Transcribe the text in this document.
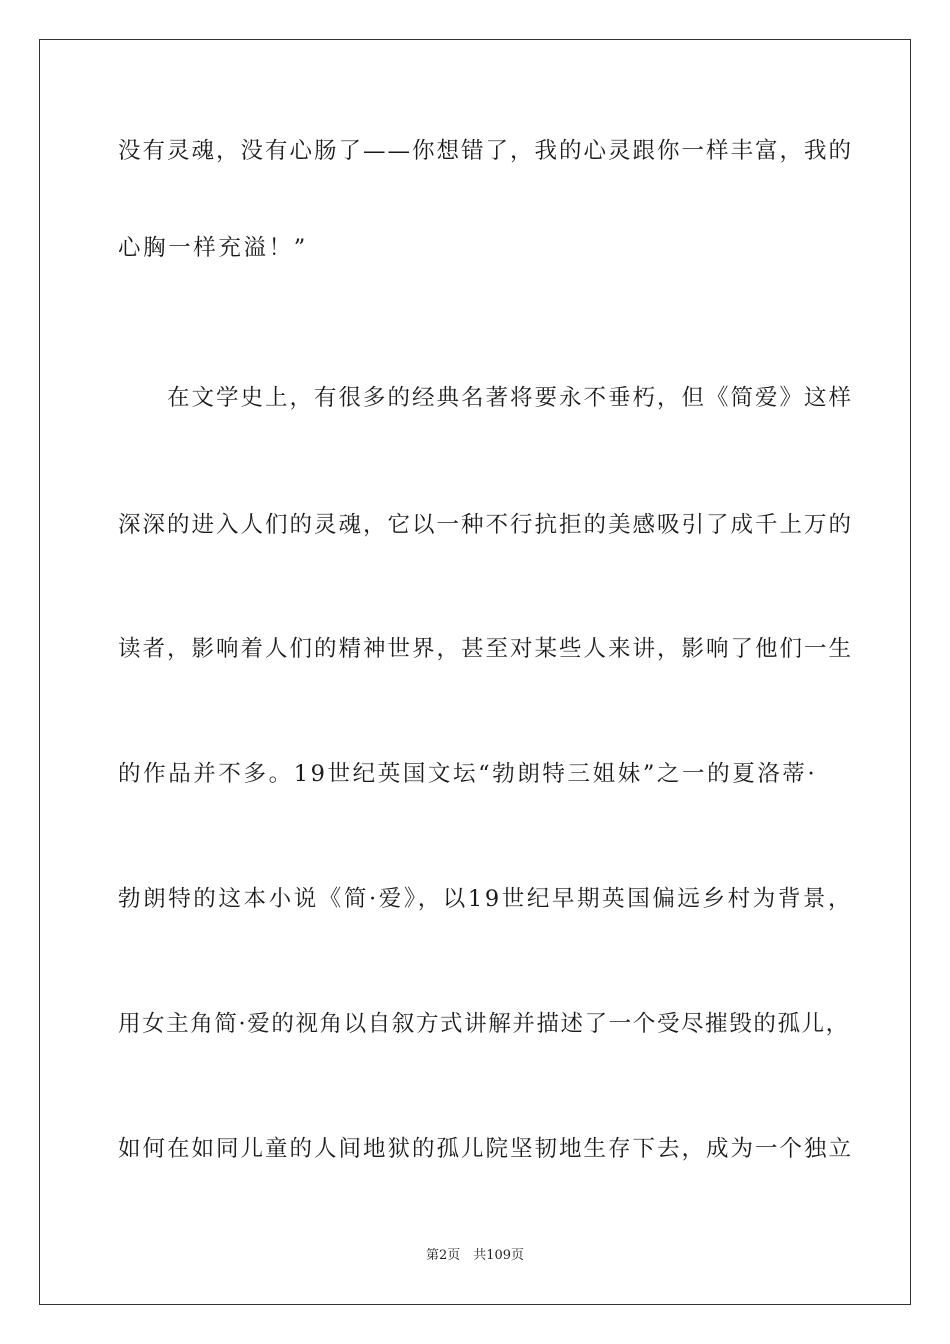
没有灵魂，没有心肠了——你想错了，我的心灵跟你一样丰富，我的
心胸一样充溢！”
　　在文学史上，有很多的经典名著将要永不垂朽，但《简爱》这样
深深的进入人们的灵魂，它以一种不行抗拒的美感吸引了成千上万的
读者，影响着人们的精神世界，甚至对某些人来讲，影响了他们一生
的作品并不多。19世纪英国文坛“勃朗特三姐妹”之一的夏洛蒂·
勃朗特的这本小说《简·爱》，以19世纪早期英国偏远乡村为背景，
用女主角简·爱的视角以自叙方式讲解并描述了一个受尽摧毁的孤儿，
如何在如同儿童的人间地狱的孤儿院坚韧地生存下去，成为一个独立
第2页　共109页
